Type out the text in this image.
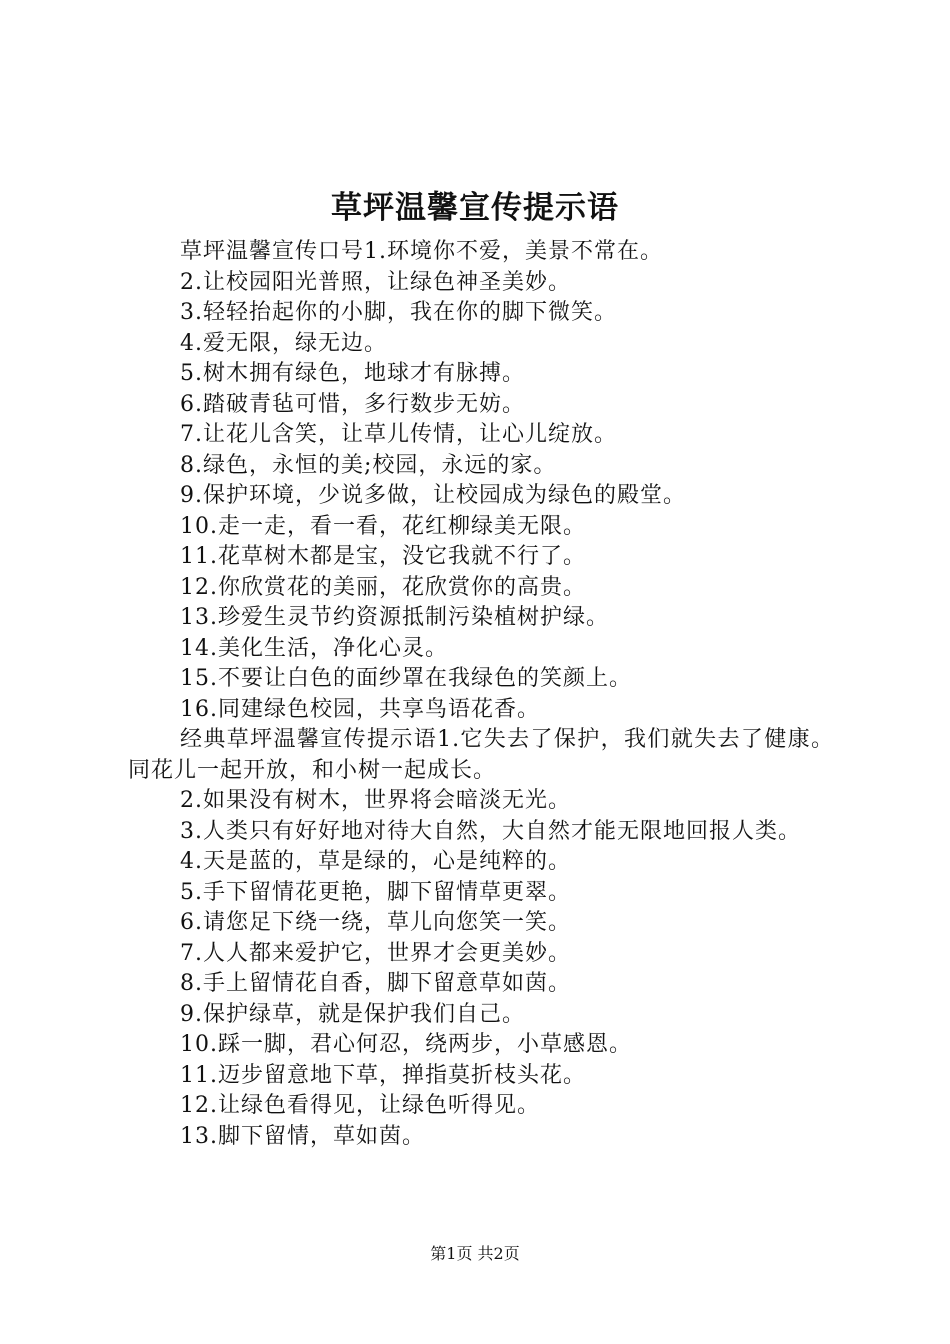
草坪温馨宣传提示语
草坪温馨宣传口号1.环境你不爱，美景不常在。
2.让校园阳光普照，让绿色神圣美妙。
3.轻轻抬起你的小脚，我在你的脚下微笑。
4.爱无限，绿无边。
5.树木拥有绿色，地球才有脉搏。
6.踏破青毡可惜，多行数步无妨。
7.让花儿含笑，让草儿传情，让心儿绽放。
8.绿色，永恒的美;校园，永远的家。
9.保护环境，少说多做，让校园成为绿色的殿堂。
10.走一走，看一看，花红柳绿美无限。
11.花草树木都是宝，没它我就不行了。
12.你欣赏花的美丽，花欣赏你的高贵。
13.珍爱生灵节约资源抵制污染植树护绿。
14.美化生活，净化心灵。
15.不要让白色的面纱罩在我绿色的笑颜上。
16.同建绿色校园，共享鸟语花香。
经典草坪温馨宣传提示语1.它失去了保护，我们就失去了健康。同花儿一起开放，和小树一起成长。
2.如果没有树木，世界将会暗淡无光。
3.人类只有好好地对待大自然，大自然才能无限地回报人类。
4.天是蓝的，草是绿的，心是纯粹的。
5.手下留情花更艳，脚下留情草更翠。
6.请您足下绕一绕，草儿向您笑一笑。
7.人人都来爱护它，世界才会更美妙。
8.手上留情花自香，脚下留意草如茵。
9.保护绿草，就是保护我们自己。
10.踩一脚，君心何忍，绕两步，小草感恩。
11.迈步留意地下草，掸指莫折枝头花。
12.让绿色看得见，让绿色听得见。
13.脚下留情，草如茵。
第1页 共2页
